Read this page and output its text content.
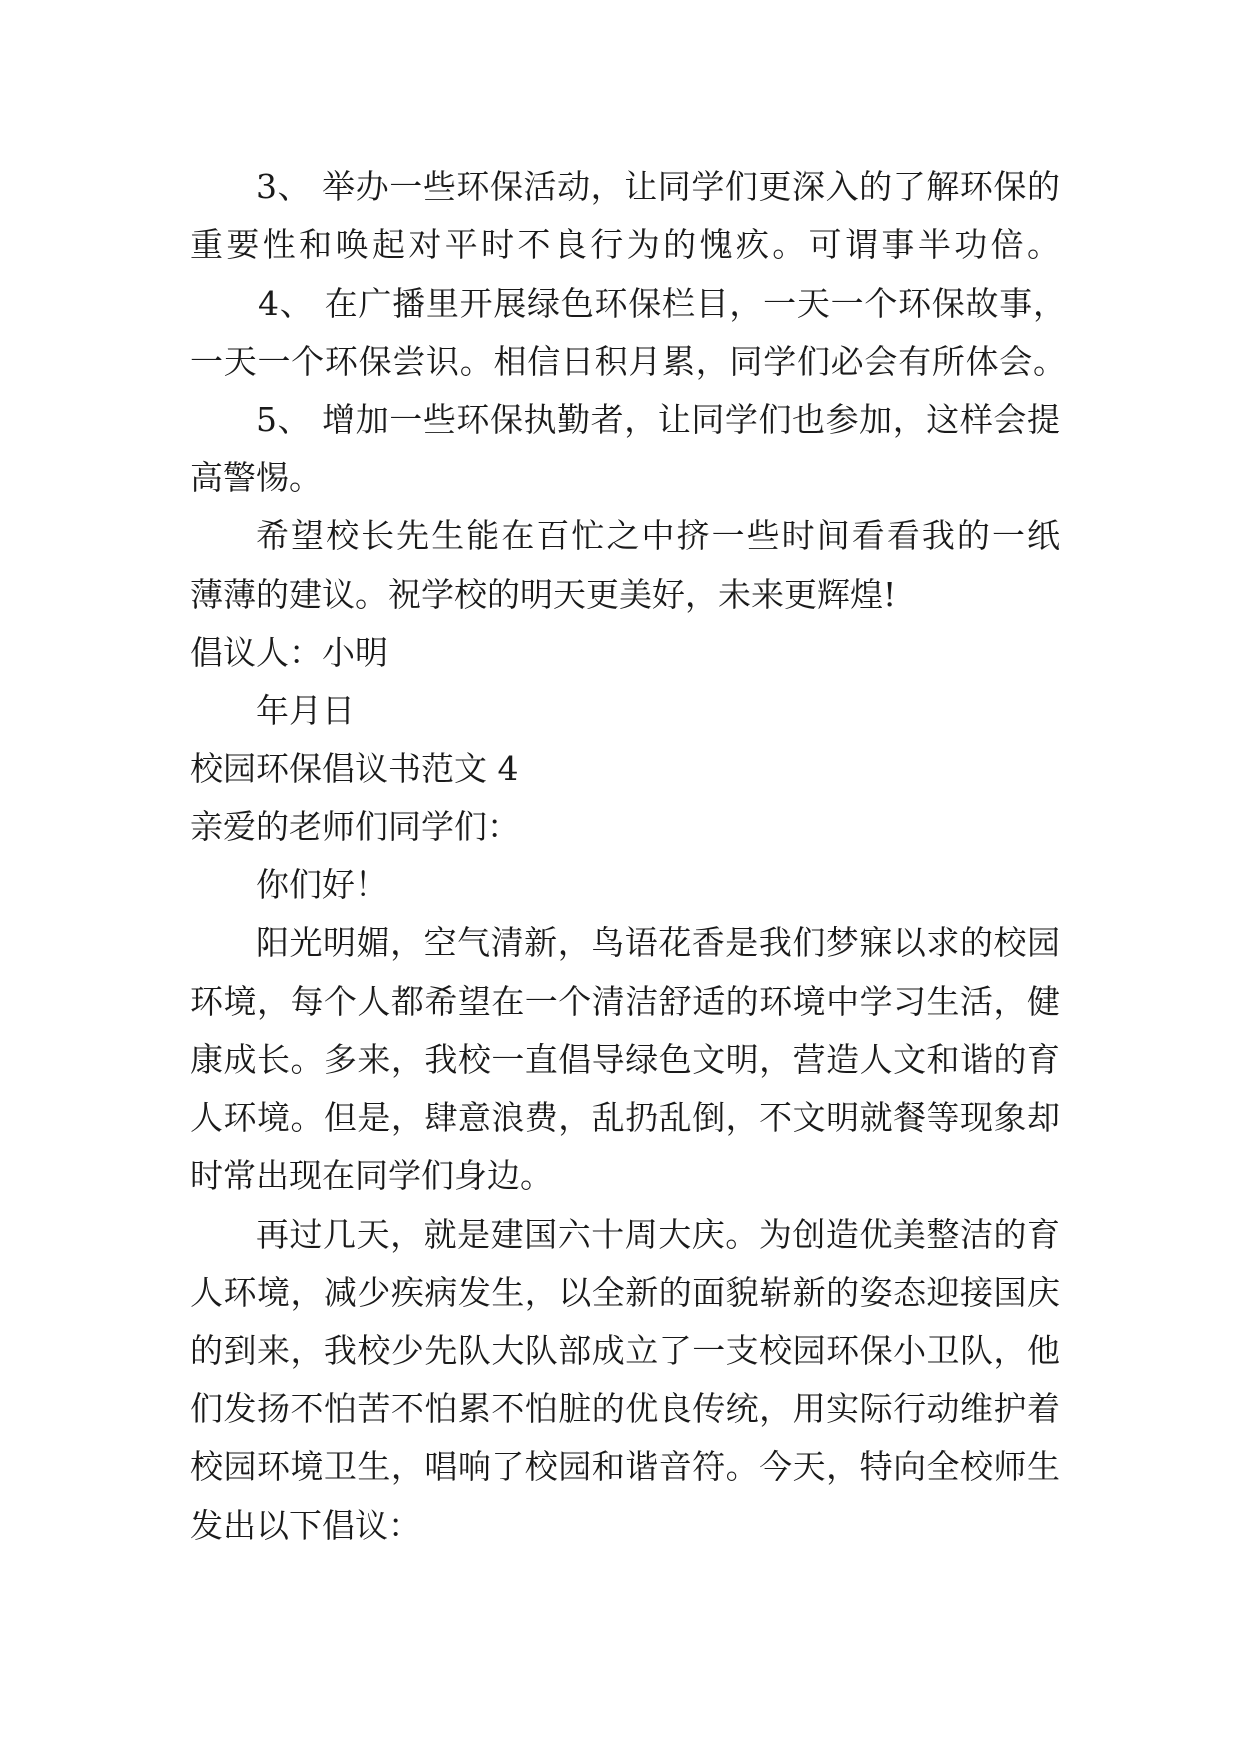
3、 举办一些环保活动，让同学们更深入的了解环保的
重要性和唤起对平时不良行为的愧疚。可谓事半功倍。
4、 在广播里开展绿色环保栏目，一天一个环保故事，
一天一个环保尝识。相信日积月累，同学们必会有所体会。
5、 增加一些环保执勤者，让同学们也参加，这样会提
高警惕。
希望校长先生能在百忙之中挤一些时间看看我的一纸
薄薄的建议。祝学校的明天更美好，未来更辉煌!
倡议人：小明
年月日
校园环保倡议书范文 4
亲爱的老师们同学们：
你们好！
阳光明媚，空气清新，鸟语花香是我们梦寐以求的校园
环境，每个人都希望在一个清洁舒适的环境中学习生活，健
康成长。多来，我校一直倡导绿色文明，营造人文和谐的育
人环境。但是，肆意浪费，乱扔乱倒，不文明就餐等现象却
时常出现在同学们身边。
再过几天，就是建国六十周大庆。为创造优美整洁的育
人环境，减少疾病发生，以全新的面貌崭新的姿态迎接国庆
的到来，我校少先队大队部成立了一支校园环保小卫队，他
们发扬不怕苦不怕累不怕脏的优良传统，用实际行动维护着
校园环境卫生，唱响了校园和谐音符。今天，特向全校师生
发出以下倡议：
